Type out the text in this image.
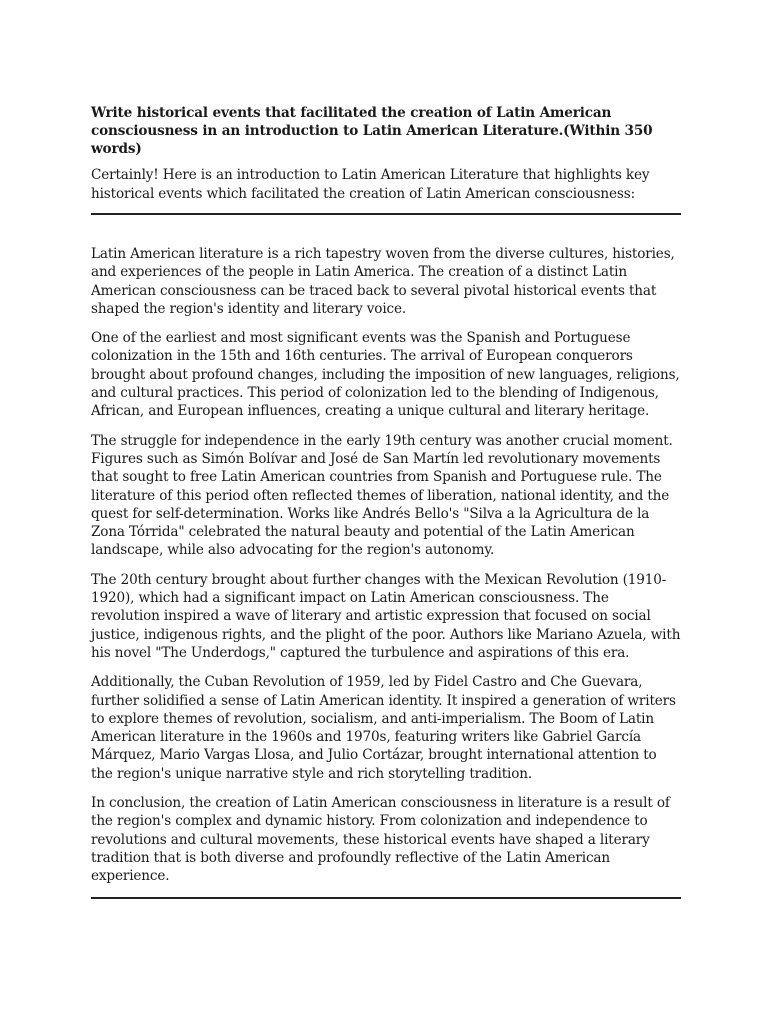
Write historical events that facilitated the creation of Latin American consciousness in an introduction to Latin American Literature.(Within 350 words)

Certainly! Here is an introduction to Latin American Literature that highlights key historical events which facilitated the creation of Latin American consciousness:

Latin American literature is a rich tapestry woven from the diverse cultures, histories, and experiences of the people in Latin America. The creation of a distinct Latin American consciousness can be traced back to several pivotal historical events that shaped the region's identity and literary voice.

One of the earliest and most significant events was the Spanish and Portuguese colonization in the 15th and 16th centuries. The arrival of European conquerors brought about profound changes, including the imposition of new languages, religions, and cultural practices. This period of colonization led to the blending of Indigenous, African, and European influences, creating a unique cultural and literary heritage.

The struggle for independence in the early 19th century was another crucial moment. Figures such as Simón Bolívar and José de San Martín led revolutionary movements that sought to free Latin American countries from Spanish and Portuguese rule. The literature of this period often reflected themes of liberation, national identity, and the quest for self-determination. Works like Andrés Bello's "Silva a la Agricultura de la Zona Tórrida" celebrated the natural beauty and potential of the Latin American landscape, while also advocating for the region's autonomy.

The 20th century brought about further changes with the Mexican Revolution (1910-1920), which had a significant impact on Latin American consciousness. The revolution inspired a wave of literary and artistic expression that focused on social justice, indigenous rights, and the plight of the poor. Authors like Mariano Azuela, with his novel "The Underdogs," captured the turbulence and aspirations of this era.

Additionally, the Cuban Revolution of 1959, led by Fidel Castro and Che Guevara, further solidified a sense of Latin American identity. It inspired a generation of writers to explore themes of revolution, socialism, and anti-imperialism. The Boom of Latin American literature in the 1960s and 1970s, featuring writers like Gabriel García Márquez, Mario Vargas Llosa, and Julio Cortázar, brought international attention to the region's unique narrative style and rich storytelling tradition.

In conclusion, the creation of Latin American consciousness in literature is a result of the region's complex and dynamic history. From colonization and independence to revolutions and cultural movements, these historical events have shaped a literary tradition that is both diverse and profoundly reflective of the Latin American experience.
